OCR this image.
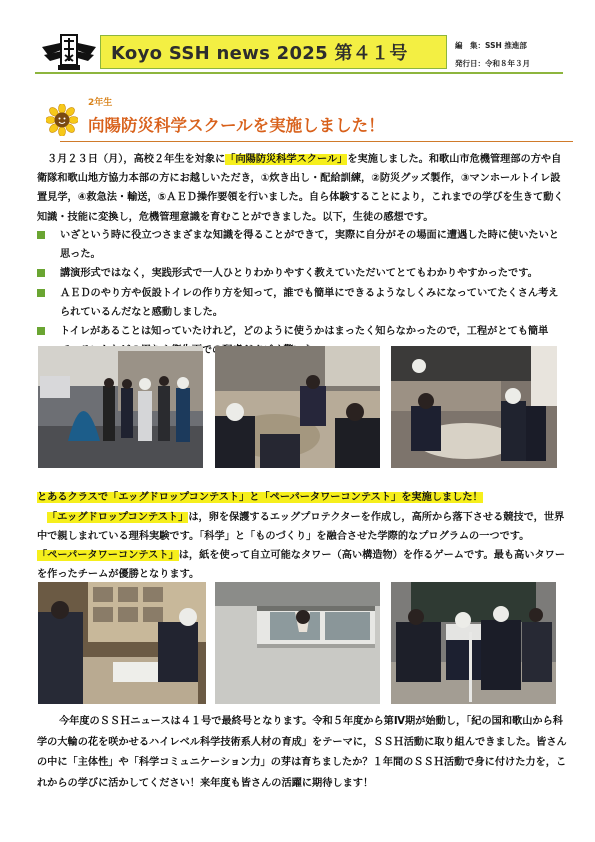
Koyo SSH news 2025 第４１号	編　集：SSH 推進部
発行日：令和８年３月
2年生
向陽防災科学スクールを実施しました！
３月２３日（月），高校２年生を対象に「向陽防災科学スクール」を実施しました。和歌山市危機管理部の方や自衛隊和歌山地方協力本部の方にお越しいただき，①炊き出し・配給訓練，②防災グッズ製作，③マンホールトイレ設置見学，④救急法・輸送，⑤ＡＥＤ操作要領を行いました。自ら体験することにより，これまでの学びを生きて動く知識・技能に変換し，危機管理意識を育むことができました。以下，生徒の感想です。
いざという時に役立つさまざまな知識を得ることができて，実際に自分がその場面に遭遇した時に使いたいと思った。
講演形式ではなく，実践形式で一人ひとりわかりやすく教えていただいてとてもわかりやすかったです。
ＡＥＤのやり方や仮設トイレの作り方を知って，誰でも簡単にできるようなしくみになっていてたくさん考えられているんだなと感動しました。
トイレがあることは知っていたけれど，どのように使うかはまったく知らなかったので，工程がとても簡単 面での
とあるクラスで「エッグドロップコンテスト」と「ペーパータワーコンテスト」を実施しました！
「エッグドロップコンテスト」は，卵を保護するエッグプロテクターを作成し，高所から落下させる競技で，世界中で親しまれている理科実験です。「科学」と「ものづくり」を融合させた学際的なプログラムの一つです。
「ペーパータワーコンテスト」は，紙を使って自立可能なタワー（高い構造物）を作るゲームです。最も高いタワーを作ったチームが優勝となります。
今年度のＳＳＨニュースは４１号で最終号となります。令和５年度から第Ⅳ期が始動し，「紀の国和歌山から科学の大輪の花を咲かせるハイレベル科学技術系人材の育成」をテーマに，ＳＳＨ活動に取り組んできました。皆さんの中に「主体性」や「科学コミュニケーション力」の芽は育ちましたか？１年間のＳＳＨ活動で身に付けた力を，これからの学びに活かしてください！来年度も皆さんの活躍に期待します！
